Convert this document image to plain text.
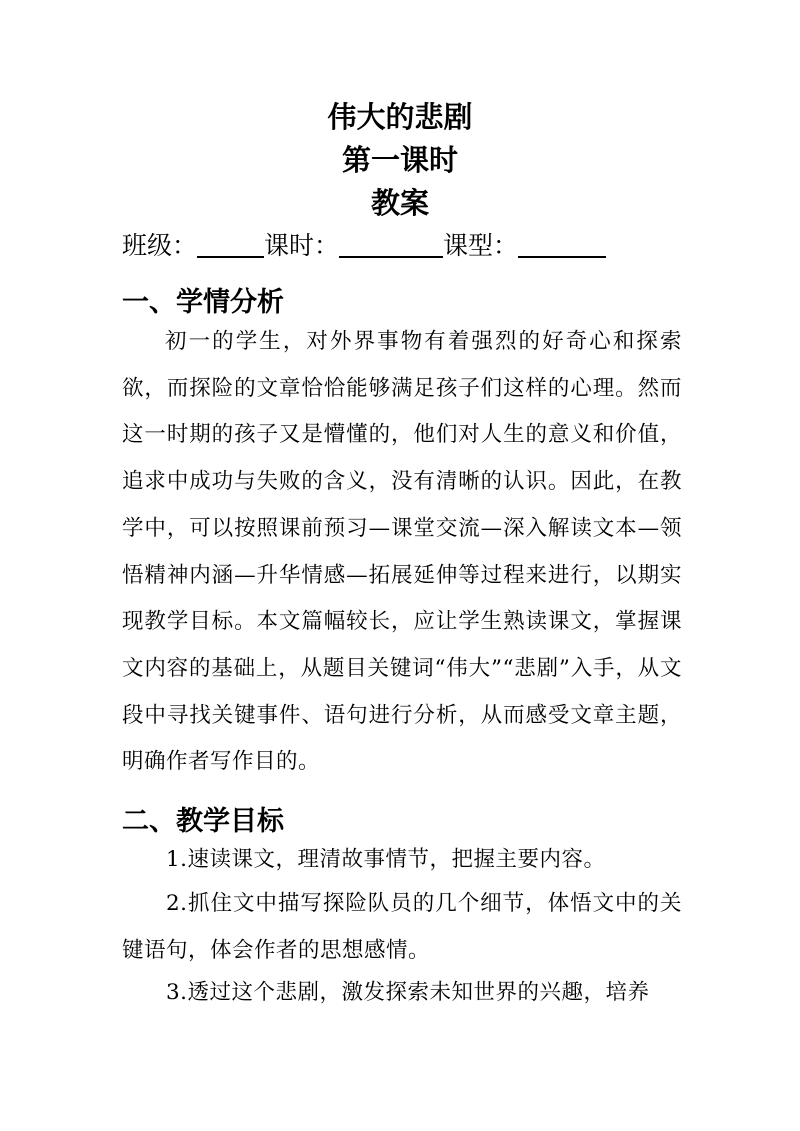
伟大的悲剧
第一课时
教案
班级：	课时：	课型：
一、学情分析

初一的学生，对外界事物有着强烈的好奇心和探索欲，而探险的文章恰恰能够满足孩子们这样的心理。然而这一时期的孩子又是懵懂的，他们对人生的意义和价值，追求中成功与失败的含义，没有清晰的认识。因此，在教学中，可以按照课前预习—课堂交流—深入解读文本—领悟精神内涵—升华情感—拓展延伸等过程来进行，以期实现教学目标。本文篇幅较长，应让学生熟读课文，掌握课文内容的基础上，从题目关键词“伟大”“悲剧”入手，从文段中寻找关键事件、语句进行分析，从而感受文章主题，明确作者写作目的。

二、教学目标

1.速读课文，理清故事情节，把握主要内容。

2.抓住文中描写探险队员的几个细节，体悟文中的关键语句，体会作者的思想感情。

3.透过这个悲剧，激发探索未知世界的兴趣，培养
